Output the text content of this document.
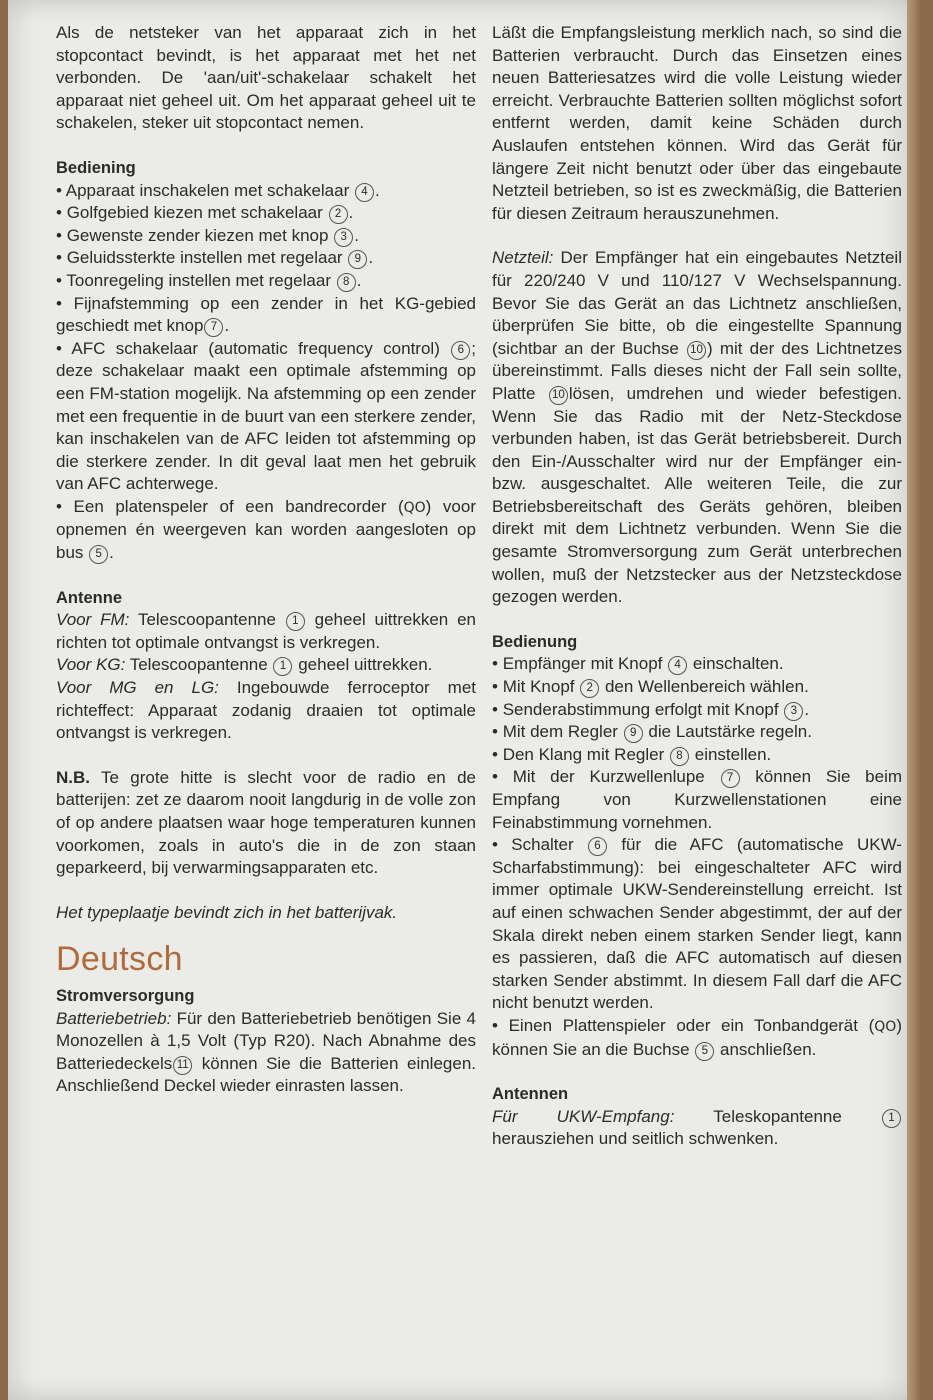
Als de netsteker van het apparaat zich in het stopcontact bevindt, is het apparaat met het net verbonden. De 'aan/uit'-schakelaar schakelt het apparaat niet geheel uit. Om het apparaat geheel uit te schakelen, steker uit stopcontact nemen.

Bediening

• Apparaat inschakelen met schakelaar 4 .

• Golfgebied kiezen met schakelaar 2 .

• Gewenste zender kiezen met knop 3 .

• Geluidssterkte instellen met regelaar 9 .

• Toonregeling instellen met regelaar 8 .

• Fijnafstemming op een zender in het KG-gebied geschiedt met knop 7 .

• AFC schakelaar (automatic frequency control) 6 ; deze schakelaar maakt een optimale afstemming op een FM-station mogelijk. Na afstemming op een zender met een frequentie in de buurt van een sterkere zender, kan inschakelen van de AFC leiden tot afstemming op die sterkere zender. In dit geval laat men het gebruik van AFC achterwege.

• Een platenspeler of een bandrecorder (QO) voor opnemen én weergeven kan worden aangesloten op bus 5 .

Antenne

Voor FM: Telescoopantenne 1 geheel uittrekken en richten tot optimale ontvangst is verkregen.

Voor KG: Telescoopantenne 1 geheel uittrekken.

Voor MG en LG: Ingebouwde ferroceptor met richteffect: Apparaat zodanig draaien tot optimale ontvangst is verkregen.

N.B. Te grote hitte is slecht voor de radio en de batterijen: zet ze daarom nooit langdurig in de volle zon of op andere plaatsen waar hoge temperaturen kunnen voorkomen, zoals in auto's die in de zon staan geparkeerd, bij verwarmingsapparaten etc.

Het typeplaatje bevindt zich in het batterijvak.

Deutsch
Stromversorgung

Batteriebetrieb: Für den Batteriebetrieb benötigen Sie 4 Monozellen à 1,5 Volt (Typ R20). Nach Abnahme des Batteriedeckels 11 können Sie die Batterien einlegen. Anschließend Deckel wieder einrasten lassen.

Läßt die Empfangsleistung merklich nach, so sind die Batterien verbraucht. Durch das Einsetzen eines neuen Batteriesatzes wird die volle Leistung wieder erreicht. Verbrauchte Batterien sollten möglichst sofort entfernt werden, damit keine Schäden durch Auslaufen entstehen können. Wird das Gerät für längere Zeit nicht benutzt oder über das eingebaute Netzteil betrieben, so ist es zweckmäßig, die Batterien für diesen Zeitraum herauszunehmen.

Netzteil: Der Empfänger hat ein eingebautes Netzteil für 220/240 V und 110/127 V Wechselspannung. Bevor Sie das Gerät an das Lichtnetz anschließen, überprüfen Sie bitte, ob die eingestellte Spannung (sichtbar an der Buchse 10 ) mit der des Lichtnetzes übereinstimmt. Falls dieses nicht der Fall sein sollte, Platte 10 lösen, umdrehen und wieder befestigen. Wenn Sie das Radio mit der Netz-Steckdose verbunden haben, ist das Gerät betriebsbereit. Durch den Ein-/Ausschalter wird nur der Empfänger ein- bzw. ausgeschaltet. Alle weiteren Teile, die zur Betriebsbereitschaft des Geräts gehören, bleiben direkt mit dem Lichtnetz verbunden. Wenn Sie die gesamte Stromversorgung zum Gerät unterbrechen wollen, muß der Netzstecker aus der Netzsteckdose gezogen werden.

Bedienung

• Empfänger mit Knopf 4 einschalten.

• Mit Knopf 2 den Wellenbereich wählen.

• Senderabstimmung erfolgt mit Knopf 3 .

• Mit dem Regler 9 die Lautstärke regeln.

• Den Klang mit Regler 8 einstellen.

• Mit der Kurzwellenlupe 7 können Sie beim Empfang von Kurzwellenstationen eine Feinabstimmung vornehmen.

• Schalter 6 für die AFC (automatische UKW-Scharfabstimmung): bei eingeschalteter AFC wird immer optimale UKW-Sendereinstellung erreicht. Ist auf einen schwachen Sender abgestimmt, der auf der Skala direkt neben einem starken Sender liegt, kann es passieren, daß die AFC automatisch auf diesen starken Sender abstimmt. In diesem Fall darf die AFC nicht benutzt werden.

• Einen Plattenspieler oder ein Tonbandgerät (QO) können Sie an die Buchse 5 anschließen.

Antennen

Für UKW-Empfang: Teleskopantenne	1 herausziehen und seitlich schwenken.
